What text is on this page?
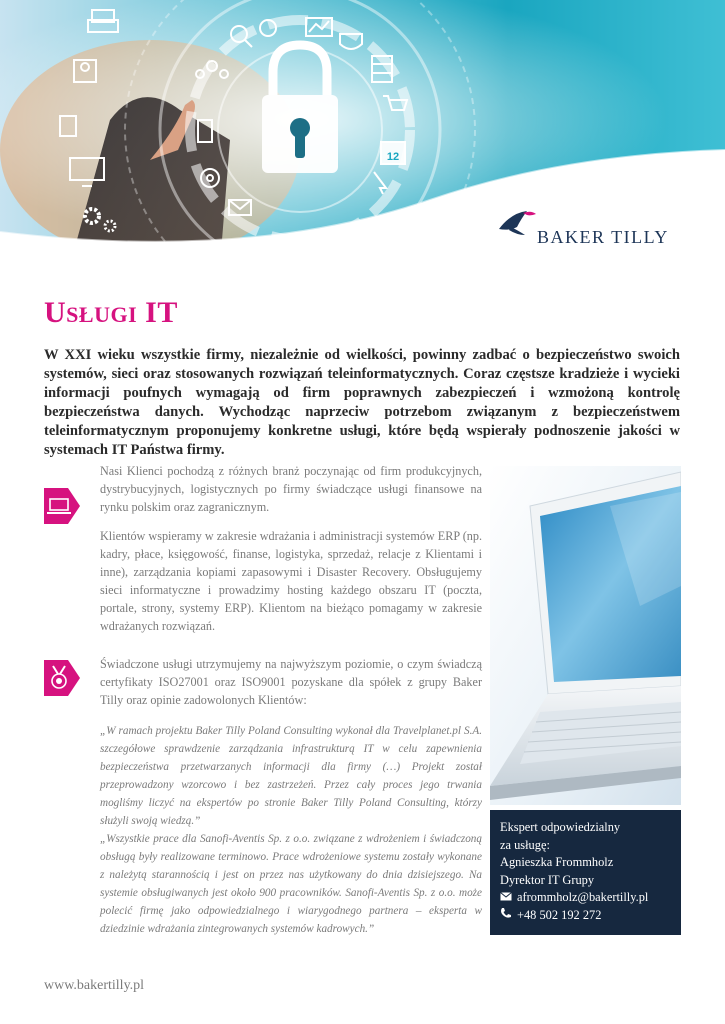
12
BAKER TILLY
USŁUGI IT

W XXI wieku wszystkie firmy, niezależnie od wielkości, powinny zadbać o bezpieczeństwo swoich systemów, sieci oraz stosowanych rozwiązań teleinformatycznych. Coraz częstsze kradzieże i wycieki informacji poufnych wymagają od firm poprawnych zabezpieczeń i wzmożoną kontrolę bezpieczeństwa danych. Wychodząc naprzeciw potrzebom związanym z bezpieczeństwem teleinformatycznym proponujemy konkretne usługi, które będą wspierały podnoszenie jakości w systemach IT Państwa firmy.

Nasi Klienci pochodzą z różnych branż poczynając od firm produkcyjnych, dystrybucyjnych, logistycznych po firmy świadczące usługi finansowe na rynku polskim oraz zagranicznym.

Klientów wspieramy w zakresie wdrażania i administracji systemów ERP (np. kadry, płace, księgowość, finanse, logistyka, sprzedaż, relacje z Klientami i inne), zarządzania kopiami zapasowymi i Disaster Recovery. Obsługujemy sieci informatyczne i prowadzimy hosting każdego obszaru IT (poczta, portale, strony, systemy ERP). Klientom na bieżąco pomagamy w zakresie wdrażanych rozwiązań.

Świadczone usługi utrzymujemy na najwyższym poziomie, o czym świadczą certyfikaty ISO27001 oraz ISO9001 pozyskane dla spółek z grupy Baker Tilly oraz opinie zadowolonych Klientów:

„W ramach projektu Baker Tilly Poland Consulting wykonał dla Travelplanet.pl S.A. szczegółowe sprawdzenie zarządzania infrastrukturą IT w celu zapewnienia bezpieczeństwa przetwarzanych informacji dla firmy (…) Projekt został przeprowadzony wzorcowo i bez zastrzeżeń. Przez cały proces jego trwania mogliśmy liczyć na ekspertów po stronie Baker Tilly Poland Consulting, którzy służyli swoją wiedzą.”

„Wszystkie prace dla Sanofi-Aventis Sp. z o.o. związane z wdrożeniem i świadczoną obsługą były realizowane terminowo. Prace wdrożeniowe systemu zostały wykonane z należytą starannością i jest on przez nas użytkowany do dnia dzisiejszego. Na systemie obsługiwanych jest około 900 pracowników. Sanofi-Aventis Sp. z o.o. może polecić firmę jako odpowiedzialnego i wiarygodnego partnera – eksperta w dziedzinie wdrażania zintegrowanych systemów kadrowych.”

Ekspert odpowiedzialny
za usługę:
Agnieszka Frommholz
Dyrektor IT Grupy
afrommholz@bakertilly.pl
+48 502 192 272
www.bakertilly.pl
